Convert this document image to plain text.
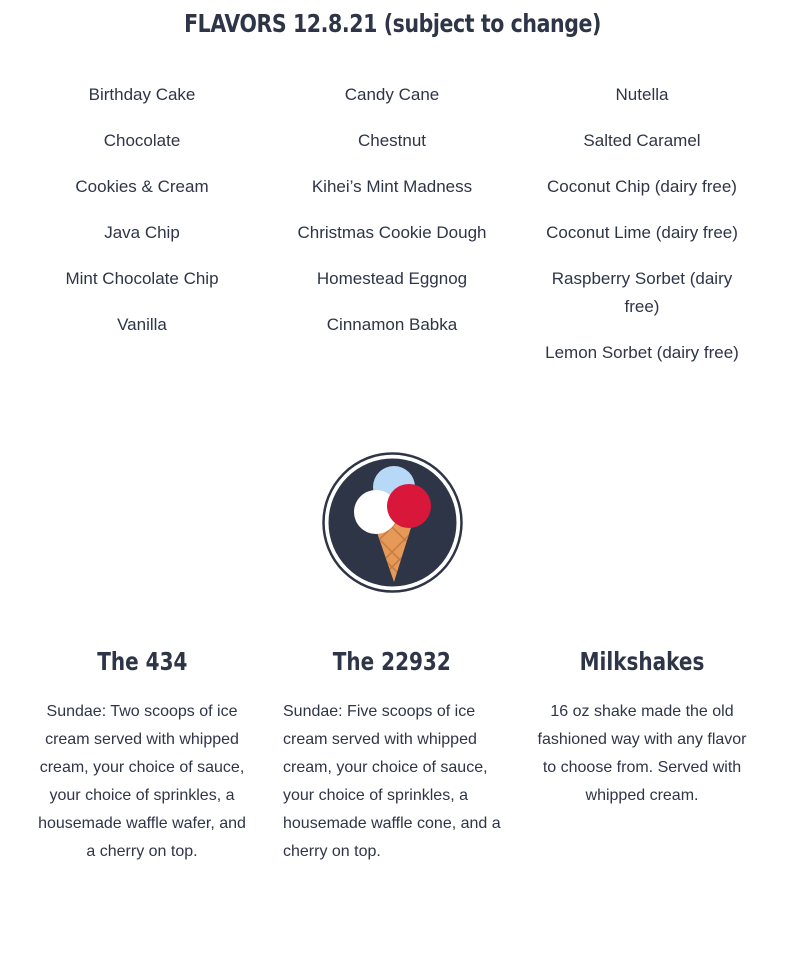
FLAVORS 12.8.21 (subject to change)

Birthday Cake

Chocolate

Cookies & Cream

Java Chip

Mint Chocolate Chip

Vanilla

Candy Cane

Chestnut

Kihei’s Mint Madness

Christmas Cookie Dough

Homestead Eggnog

Cinnamon Babka

Nutella

Salted Caramel

Coconut Chip (dairy free)

Coconut Lime (dairy free)

Raspberry Sorbet (dairy free)

Lemon Sorbet (dairy free)

The 434

Sundae: Two scoops of ice cream served with whipped cream, your choice of sauce, your choice of sprinkles, a housemade waffle wafer, and a cherry on top.

The 22932

Sundae: Five scoops of ice cream served with whipped cream, your choice of sauce, your choice of sprinkles, a housemade waffle cone, and a cherry on top.

Milkshakes

16 oz shake made the old fashioned way with any flavor to choose from. Served with whipped cream.
